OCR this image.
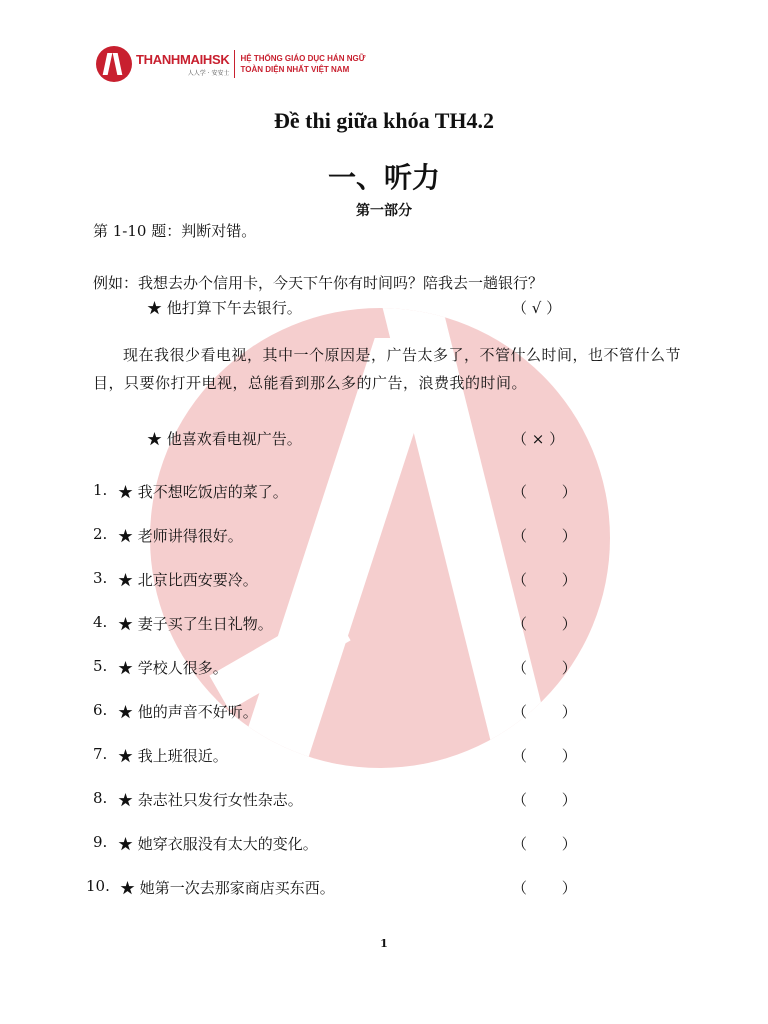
THANHMAIHSK
人人学 · 安安士
HỆ THỐNG GIÁO DỤC HÁN NGỮ
TOÀN DIỆN NHẤT VIỆT NAM
Đề thi giữa khóa TH4.2
一、听力
第一部分
第 1-10 题：判断对错。
例如：我想去办个信用卡，今天下午你有时间吗？陪我去一趟银行？
★ 他打算下午去银行。	（ √ ）
现在我很少看电视，其中一个原因是，广告太多了，不管什么时间，也不管什么节目，只要你打开电视，总能看到那么多的广告，浪费我的时间。
★ 他喜欢看电视广告。	（ × ）
1. ★ 我不想吃饭店的菜了。	（ ）
2. ★ 老师讲得很好。	（ ）
3. ★ 北京比西安要冷。	（ ）
4. ★ 妻子买了生日礼物。	（ ）
5. ★ 学校人很多。	（ ）
6. ★ 他的声音不好听。	（ ）
7. ★ 我上班很近。	（ ）
8. ★ 杂志社只发行女性杂志。	（ ）
9. ★ 她穿衣服没有太大的变化。	（ ）
10. ★ 她第一次去那家商店买东西。	（ ）
1
